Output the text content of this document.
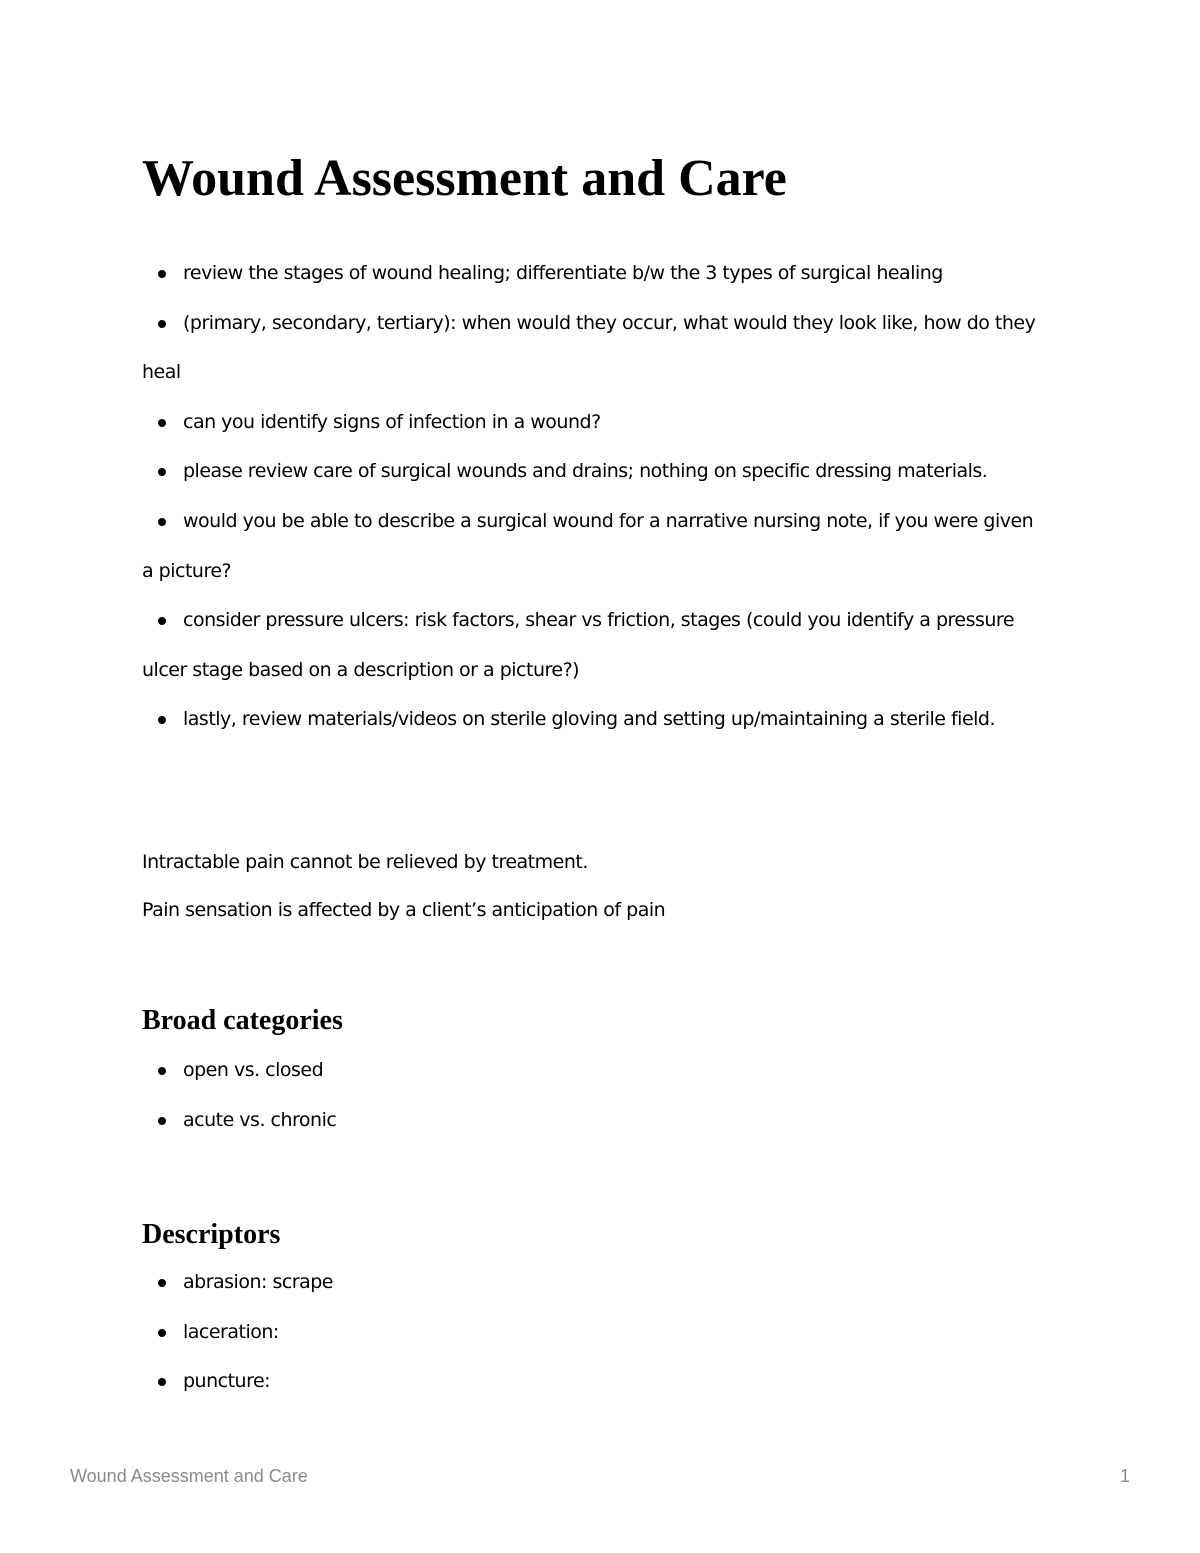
Wound Assessment and Care
review the stages of wound healing; differentiate b/w the 3 types of surgical healing
(primary, secondary, tertiary): when would they occur, what would they look like, how do they heal
can you identify signs of infection in a wound?
please review care of surgical wounds and drains; nothing on specific dressing materials.
would you be able to describe a surgical wound for a narrative nursing note, if you were given a picture?
consider pressure ulcers: risk factors, shear vs friction, stages (could you identify a pressure ulcer stage based on a description or a picture?)
lastly, review materials/videos on sterile gloving and setting up/maintaining a sterile field.

Intractable pain cannot be relieved by treatment.

Pain sensation is affected by a client’s anticipation of pain

Broad categories
open vs. closed
acute vs. chronic
Descriptors
abrasion: scrape
laceration:
puncture:
Wound Assessment and Care	1
